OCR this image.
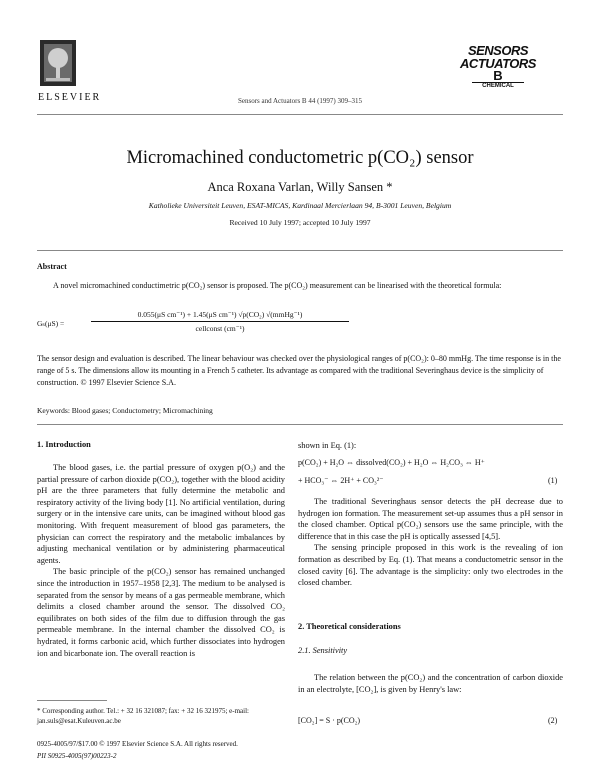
ELSEVIER	Sensors and Actuators B 44 (1997) 309–315
SENSORS
ACTUATORS
B
CHEMICAL
Micromachined conductometric p(CO₂) sensor
Anca Roxana Varlan, Willy Sansen *
Katholieke Universiteit Leuven, ESAT-MICAS, Kardinaal Mercierlaan 94, B-3001 Leuven, Belgium
Received 10 July 1997; accepted 10 July 1997
Abstract
A novel micromachined conductimetric p(CO₂) sensor is proposed. The p(CO₂) measurement can be linearised with the theoretical formula:
Gₛ(μS) =
0.055(μS cm⁻¹) + 1.45(μS cm⁻¹) √p(CO₂) √(mmHg⁻¹)
cellconst (cm⁻¹)
The sensor design and evaluation is described. The linear behaviour was checked over the physiological ranges of p(CO₂): 0–80 mmHg. The time response is in the range of 5 s. The dimensions allow its mounting in a French 5 catheter. Its advantage as compared with the traditional Severinghaus device is the simplicity of construction. © 1997 Elsevier Science S.A.
Keywords: Blood gases; Conductometry; Micromachining
1. Introduction

The blood gases, i.e. the partial pressure of oxygen p(O₂) and the partial pressure of carbon dioxide p(CO₂), together with the blood acidity pH are the three parameters that fully determine the metabolic and respiratory activity of the living body [1]. No artificial ventilation, during surgery or in the intensive care units, can be imagined without blood gas monitoring. With frequent measurement of blood gas parameters, the physician can correct the respiratory and the metabolic imbalances by adjusting mechanical ventilation or by administering pharmaceutical agents.

The basic principle of the p(CO₂) sensor has remained unchanged since the introduction in 1957–1958 [2,3]. The medium to be analysed is separated from the sensor by means of a gas permeable membrane, which delimits a closed chamber around the sensor. The dissolved CO₂ equilibrates on both sides of the film due to diffusion through the gas permeable membrane. In the internal chamber the dissolved CO₂ is hydrated, it forms carbonic acid, which further dissociates into hydrogen ion and bicarbonate ion. The overall reaction is

* Corresponding author. Tel.: + 32 16 321087; fax: + 32 16 321975; e-mail: jan.suls@esat.Kuleuven.ac.be
0925-4005/97/$17.00 © 1997 Elsevier Science S.A. All rights reserved.
PII S0925-4005(97)00223-2
shown in Eq. (1):
p(CO₂) + H₂O ⇔ dissolved(CO₂) + H₂O ⇔ H₂CO₃ ⇔ H⁺
+ HCO₃⁻ ⇔ 2H⁺ + CO₃²⁻	(1)

The traditional Severinghaus sensor detects the pH decrease due to hydrogen ion formation. The measurement set-up assumes thus a pH sensor in the closed chamber. Optical p(CO₂) sensors use the same principle, with the difference that in this case the pH is optically assessed [4,5].

The sensing principle proposed in this work is the revealing of ion formation as described by Eq. (1). That means a conductometric sensor in the closed cavity [6]. The advantage is the simplicity: only two electrodes in the closed chamber.

2. Theoretical considerations
2.1. Sensitivity

The relation between the p(CO₂) and the concentration of carbon dioxide in an electrolyte, [CO₂], is given by Henry's law:

[CO₂] = S · p(CO₂)	(2)
